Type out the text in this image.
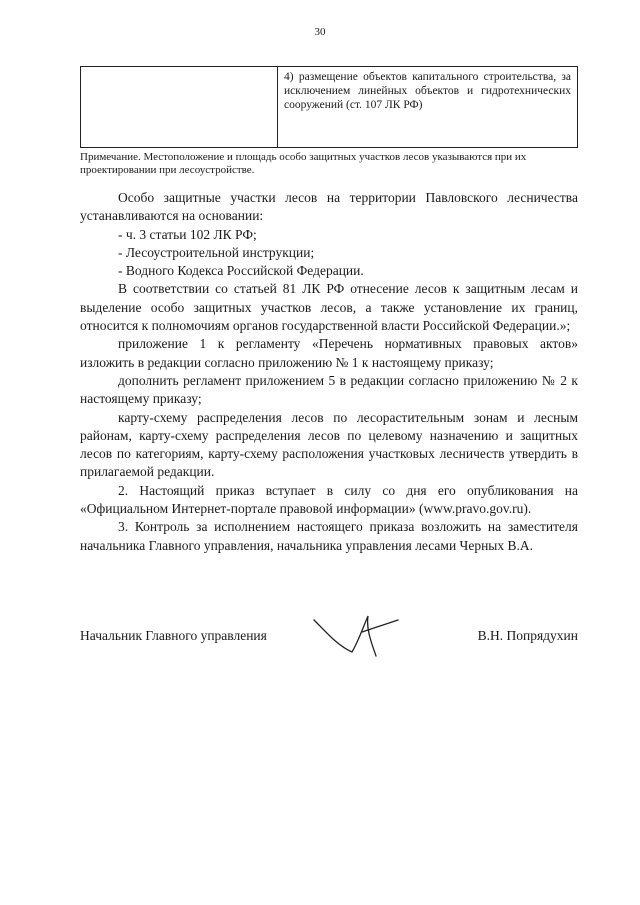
30
4) размещение объектов капитального строительства, за исключением линейных объектов и гидротехнических сооружений (ст. 107 ЛК РФ)
Примечание. Местоположение и площадь особо защитных участков лесов указываются при их проектировании при лесоустройстве.

Особо защитные участки лесов на территории Павловского лесничества устанавливаются на основании:

- ч. 3 статьи 102 ЛК РФ;

- Лесоустроительной инструкции;

- Водного Кодекса Российской Федерации.

В соответствии со статьей 81 ЛК РФ отнесение лесов к защитным лесам и выделение особо защитных участков лесов, а также установление их границ, относится к полномочиям органов государственной власти Российской Федерации.»;

приложение 1 к регламенту «Перечень нормативных правовых актов» изложить в редакции согласно приложению № 1 к настоящему приказу;

дополнить регламент приложением 5 в редакции согласно приложению № 2 к настоящему приказу;

карту-схему распределения лесов по лесорастительным зонам и лесным районам, карту-схему распределения лесов по целевому назначению и защитных лесов по категориям, карту-схему расположения участковых лесничеств утвердить в прилагаемой редакции.

2. Настоящий приказ вступает в силу со дня его опубликования на «Официальном Интернет-портале правовой информации» (www.pravo.gov.ru).

3. Контроль за исполнением настоящего приказа возложить на заместителя начальника Главного управления, начальника управления лесами Черных В.А.

Начальник Главного управления	В.Н. Попрядухин
